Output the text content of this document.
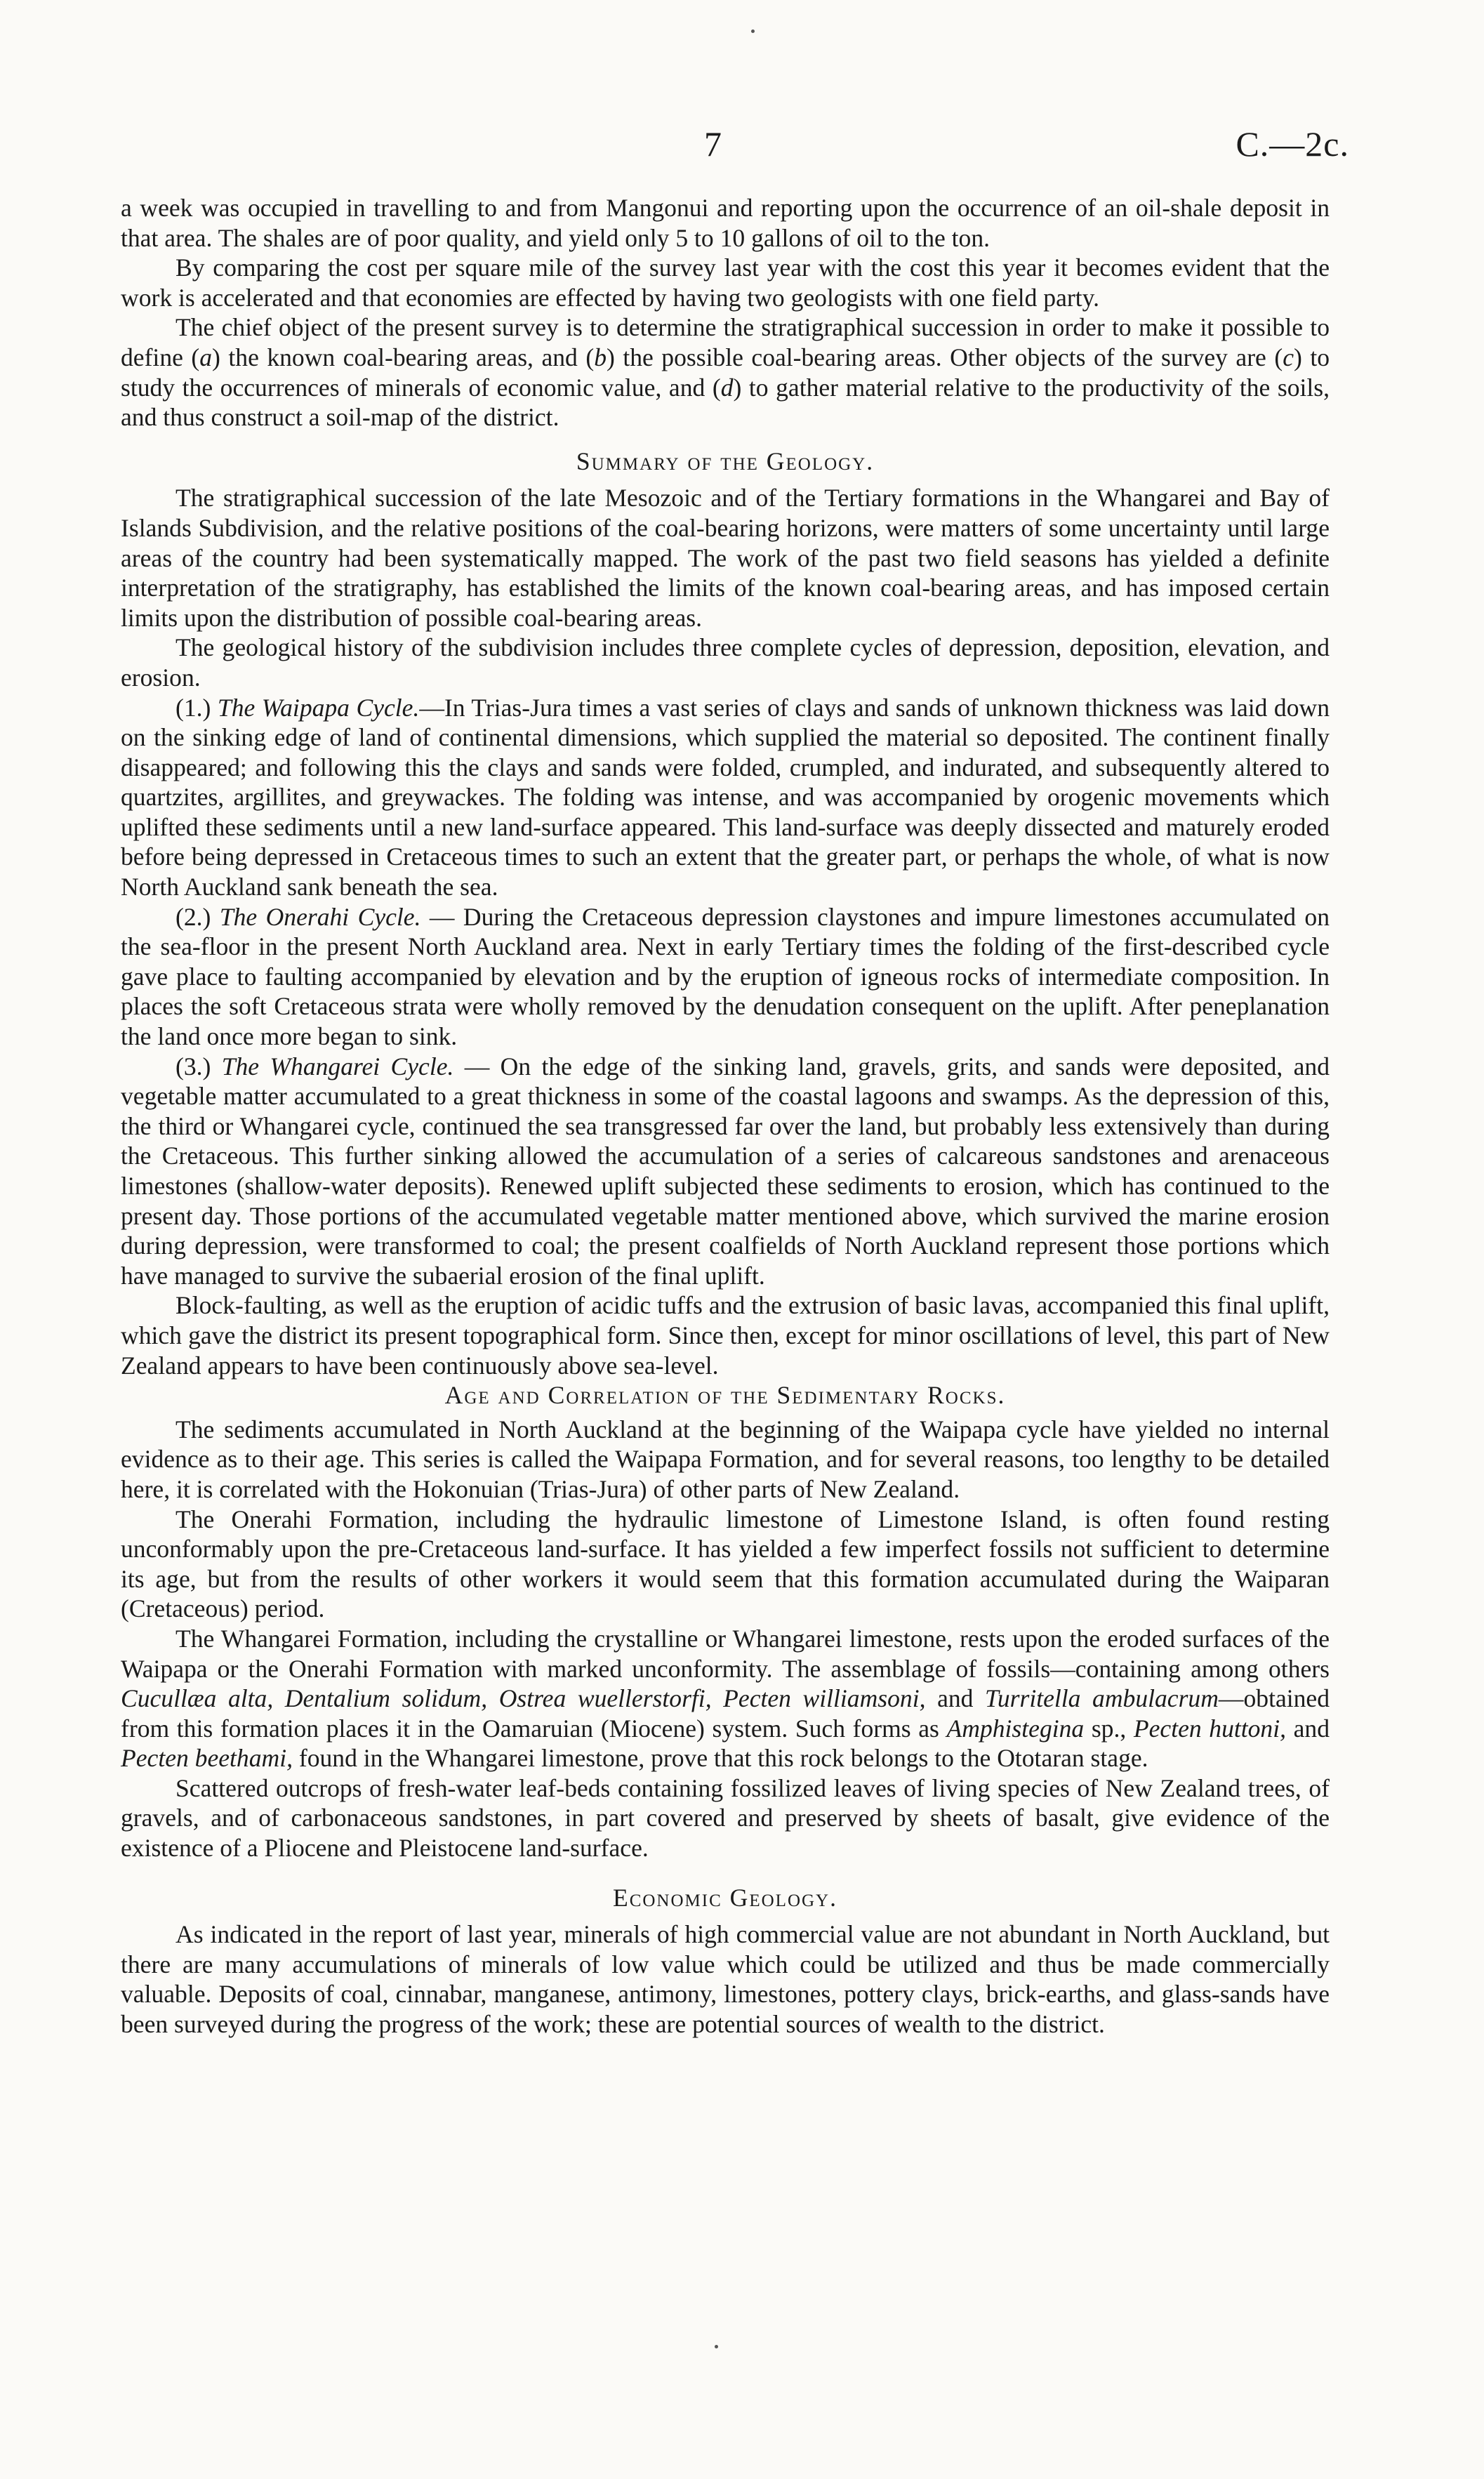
7	C.—2c.

a week was occupied in travelling to and from Mangonui and reporting upon the occurrence of an oil-shale deposit in that area. The shales are of poor quality, and yield only 5 to 10 gallons of oil to the ton.

By comparing the cost per square mile of the survey last year with the cost this year it becomes evident that the work is accelerated and that economies are effected by having two geologists with one field party.

The chief object of the present survey is to determine the stratigraphical succession in order to make it possible to define (a) the known coal-bearing areas, and (b) the possible coal-bearing areas. Other objects of the survey are (c) to study the occurrences of minerals of economic value, and (d) to gather material relative to the productivity of the soils, and thus construct a soil-map of the district.

Summary of the Geology.

The stratigraphical succession of the late Mesozoic and of the Tertiary formations in the Whangarei and Bay of Islands Subdivision, and the relative positions of the coal-bearing horizons, were matters of some uncertainty until large areas of the country had been systematically mapped. The work of the past two field seasons has yielded a definite interpretation of the stratigraphy, has established the limits of the known coal-bearing areas, and has imposed certain limits upon the distribution of possible coal-bearing areas.

The geological history of the subdivision includes three complete cycles of depression, deposition, elevation, and erosion.

(1.) The Waipapa Cycle.—In Trias-Jura times a vast series of clays and sands of unknown thickness was laid down on the sinking edge of land of continental dimensions, which supplied the material so deposited. The continent finally disappeared; and following this the clays and sands were folded, crumpled, and indurated, and subsequently altered to quartzites, argillites, and greywackes. The folding was intense, and was accompanied by orogenic movements which uplifted these sediments until a new land-surface appeared. This land-surface was deeply dissected and maturely eroded before being depressed in Cretaceous times to such an extent that the greater part, or perhaps the whole, of what is now North Auckland sank beneath the sea.

(2.) The Onerahi Cycle. — During the Cretaceous depression claystones and impure limestones accumulated on the sea-floor in the present North Auckland area. Next in early Tertiary times the folding of the first-described cycle gave place to faulting accompanied by elevation and by the eruption of igneous rocks of intermediate composition. In places the soft Cretaceous strata were wholly removed by the denudation consequent on the uplift. After peneplanation the land once more began to sink.

(3.) The Whangarei Cycle. — On the edge of the sinking land, gravels, grits, and sands were deposited, and vegetable matter accumulated to a great thickness in some of the coastal lagoons and swamps. As the depression of this, the third or Whangarei cycle, continued the sea transgressed far over the land, but probably less extensively than during the Cretaceous. This further sinking allowed the accumulation of a series of calcareous sandstones and arenaceous limestones (shallow-water deposits). Renewed uplift subjected these sediments to erosion, which has continued to the present day. Those portions of the accumulated vegetable matter mentioned above, which survived the marine erosion during depression, were transformed to coal; the present coalfields of North Auckland represent those portions which have managed to survive the subaerial erosion of the final uplift.

Block-faulting, as well as the eruption of acidic tuffs and the extrusion of basic lavas, accompanied this final uplift, which gave the district its present topographical form. Since then, except for minor oscillations of level, this part of New Zealand appears to have been continuously above sea-level.

Age and Correlation of the Sedimentary Rocks.

The sediments accumulated in North Auckland at the beginning of the Waipapa cycle have yielded no internal evidence as to their age. This series is called the Waipapa Formation, and for several reasons, too lengthy to be detailed here, it is correlated with the Hokonuian (Trias-Jura) of other parts of New Zealand.

The Onerahi Formation, including the hydraulic limestone of Limestone Island, is often found resting unconformably upon the pre-Cretaceous land-surface. It has yielded a few imperfect fossils not sufficient to determine its age, but from the results of other workers it would seem that this formation accumulated during the Waiparan (Cretaceous) period.

The Whangarei Formation, including the crystalline or Whangarei limestone, rests upon the eroded surfaces of the Waipapa or the Onerahi Formation with marked unconformity. The assemblage of fossils—containing among others Cucullæa alta, Dentalium solidum, Ostrea wuellerstorfi, Pecten williamsoni, and Turritella ambulacrum—obtained from this formation places it in the Oamaruian (Miocene) system. Such forms as Amphistegina sp., Pecten huttoni, and Pecten beethami, found in the Whangarei limestone, prove that this rock belongs to the Ototaran stage.

Scattered outcrops of fresh-water leaf-beds containing fossilized leaves of living species of New Zealand trees, of gravels, and of carbonaceous sandstones, in part covered and preserved by sheets of basalt, give evidence of the existence of a Pliocene and Pleistocene land-surface.

Economic Geology.

As indicated in the report of last year, minerals of high commercial value are not abundant in North Auckland, but there are many accumulations of minerals of low value which could be utilized and thus be made commercially valuable. Deposits of coal, cinnabar, manganese, antimony, limestones, pottery clays, brick-earths, and glass-sands have been surveyed during the progress of the work; these are potential sources of wealth to the district.
